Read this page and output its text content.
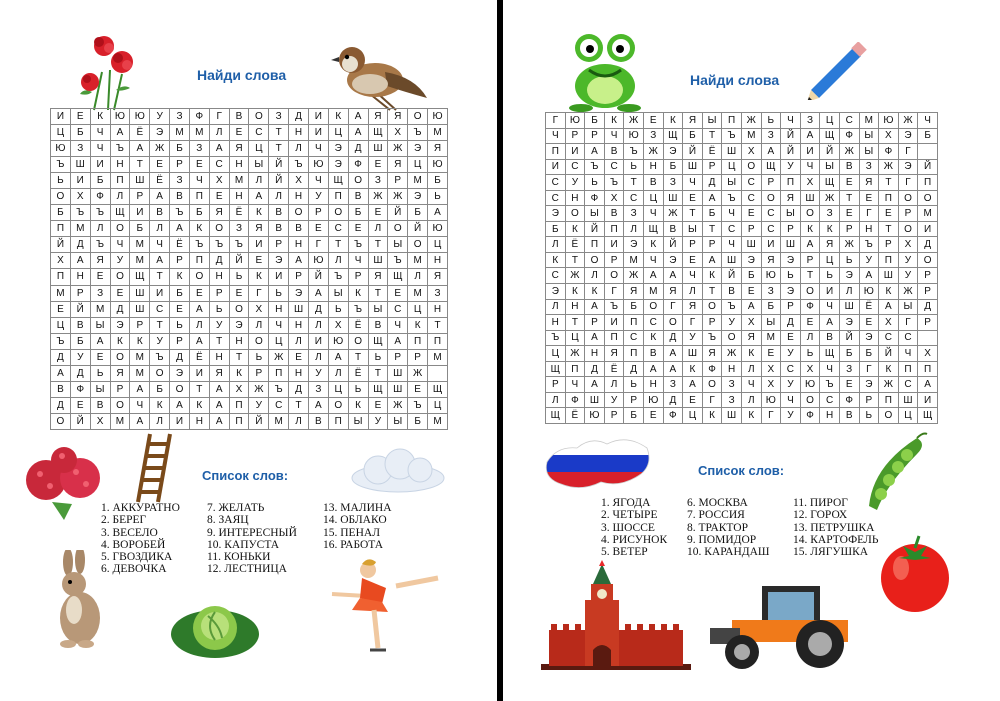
Найди слова
И	Е	К	Ю	Ю	У	З	Ф	Г	В	О	З	Д	И	К	А	Я	Я	О	Ю
Ц	Б	Ч	А	Ё	Э	М	М	Л	Е	С	Т	Н	И	Ц	А	Щ	Х	Ъ	М
Ю	З	Ч	Ъ	А	Ж	Б	З	А	Я	Ц	Т	Л	Ч	Э	Д	Ш	Ж	Э	Я
Ъ	Ш	И	Н	Т	Е	Р	Е	С	Н	Ы	Й	Ъ	Ю	Э	Ф	Е	Я	Ц	Ю
Ь	И	Б	П	Ш	Ё	З	Ч	Х	М	Л	Й	Х	Ч	Щ	О	З	Р	М	Б
О	Х	Ф	Л	Р	А	В	П	Е	Н	А	Л	Н	У	П	В	Ж	Ж	Э	Ь
Б	Ъ	Ъ	Щ	И	В	Ъ	Б	Я	Ё	К	В	О	Р	О	Б	Е	Й	Б	А
П	М	Л	О	Б	Л	А	К	О	З	Я	В	В	Е	С	Е	Л	О	Й	Ю
Й	Д	Ъ	Ч	М	Ч	Ё	Ъ	Ъ	Ъ	И	Р	Н	Г	Т	Ъ	Т	Ы	О	Ц
Х	А	Я	У	М	А	Р	П	Д	Й	Е	Э	А	Ю	Л	Ч	Ш	Ъ	М	Н
П	Н	Е	О	Щ	Т	К	О	Н	Ь	К	И	Р	Й	Ъ	Р	Я	Щ	Л	Я
М	Р	З	Е	Ш	И	Б	Е	Р	Е	Г	Ь	Э	А	Ы	К	Т	Е	М	З
Е	Й	М	Д	Ш	С	Е	А	Ь	О	Х	Н	Ш	Д	Ь	Ъ	Ы	С	Ц	Н
Ц	В	Ы	Э	Р	Т	Ь	Л	У	Э	Л	Ч	Н	Л	Х	Ё	В	Ч	К	Т
Ъ	Б	А	К	К	У	Р	А	Т	Н	О	Ц	Л	И	Ю	О	Щ	А	П	П
Д	У	Е	О	М	Ъ	Д	Ё	Н	Т	Ь	Ж	Е	Л	А	Т	Ь	Р	Р	М
А	Д	Ь	Я	М	О	Э	И	Я	К	Р	П	Н	У	Л	Ё	Т	Ш	Ж	
В	Ф	Ы	Р	А	Б	О	Т	А	Х	Ж	Ъ	Д	З	Ц	Ь	Щ	Ш	Е	Щ
Д	Е	В	О	Ч	К	А	К	А	П	У	С	Т	А	О	К	Е	Ж	Ъ	Ц
О	Й	Х	М	А	Л	И	Н	А	П	Й	М	Л	В	П	Ы	У	Ы	Б	М
Список слов:
1. АККУРАТНО
2. БЕРЕГ
3. ВЕСЕЛО
4. ВОРОБЕЙ
5. ГВОЗДИКА
6. ДЕВОЧКА
7. ЖЕЛАТЬ
8. ЗАЯЦ
9. ИНТЕРЕСНЫЙ
10. КАПУСТА
11. КОНЬКИ
12. ЛЕСТНИЦА
13. МАЛИНА
14. ОБЛАКО
15. ПЕНАЛ
16. РАБОТА
Найди слова
Г	Ю	Б	К	Ж	Е	К	Я	Ы	П	Ж	Ь	Ч	З	Ц	С	М	Ю	Ж	Ч
Ч	Р	Р	Ч	Ю	З	Щ	Б	Т	Ъ	М	З	Й	А	Щ	Ф	Ы	Х	Э	Б
П	И	А	В	Ъ	Ж	Э	Й	Ё	Ш	Х	А	Й	И	Й	Ж	Ы	Ф	Г	
И	С	Ъ	С	Ь	Н	Б	Ш	Р	Ц	О	Щ	У	Ч	Ы	В	З	Ж	Э	Й
С	У	Ь	Ъ	Т	В	З	Ч	Д	Ы	С	Р	П	Х	Щ	Е	Я	Т	Г	П
С	Н	Ф	Х	С	Ц	Ш	Е	А	Ъ	С	О	Я	Ш	Ж	Т	Е	П	О	О
Э	О	Ы	В	З	Ч	Ж	Т	Б	Ч	Е	С	Ы	О	З	Е	Г	Е	Р	М
Б	К	Й	П	Л	Щ	В	Ы	Т	С	Р	С	Р	К	К	Р	Н	Т	О	И
Л	Ё	П	И	Э	К	Й	Р	Р	Ч	Ш	И	Ш	А	Я	Ж	Ъ	Р	Х	Д
К	Т	О	Р	М	Ч	Э	Е	А	Ш	Э	Я	Э	Р	Ц	Ь	У	П	У	О
С	Ж	Л	О	Ж	А	А	Ч	К	Й	Б	Ю	Ь	Т	Ь	Э	А	Ш	У	Р
Э	К	К	Г	Я	М	Я	Л	Т	В	Е	З	Э	О	И	Л	Ю	К	Ж	Р
Л	Н	А	Ъ	Б	О	Г	Я	О	Ъ	А	Б	Р	Ф	Ч	Ш	Ё	А	Ы	Д
Н	Т	Р	И	П	С	О	Г	Р	У	Х	Ы	Д	Е	А	Э	Е	Х	Г	Р
Ъ	Ц	А	П	С	К	Д	У	Ъ	О	Я	М	Е	Л	В	Й	Э	С	С	
Ц	Ж	Н	Я	П	В	А	Ш	Я	Ж	К	Е	У	Ь	Щ	Б	Б	Й	Ч	Х
Щ	П	Д	Ё	Д	А	А	К	Ф	Н	Л	Х	С	Х	Ч	З	Г	К	П	П
Р	Ч	А	Л	Ь	Н	З	А	О	З	Ч	Х	У	Ю	Ъ	Е	Э	Ж	С	А
Л	Ф	Ш	У	Р	Ю	Д	Е	Г	З	Л	Ю	Ч	О	С	Ф	Р	П	Ш	И
Щ	Ё	Ю	Р	Б	Е	Ф	Ц	К	Ш	К	Г	У	Ф	Н	В	Ь	О	Ц	Щ
Список слов:
1. ЯГОДА
2. ЧЕТЫРЕ
3. ШОССЕ
4. РИСУНОК
5. ВЕТЕР
6. МОСКВА
7. РОССИЯ
8. ТРАКТОР
9. ПОМИДОР
10. КАРАНДАШ
11. ПИРОГ
12. ГОРОХ
13. ПЕТРУШКА
14. КАРТОФЕЛЬ
15. ЛЯГУШКА
